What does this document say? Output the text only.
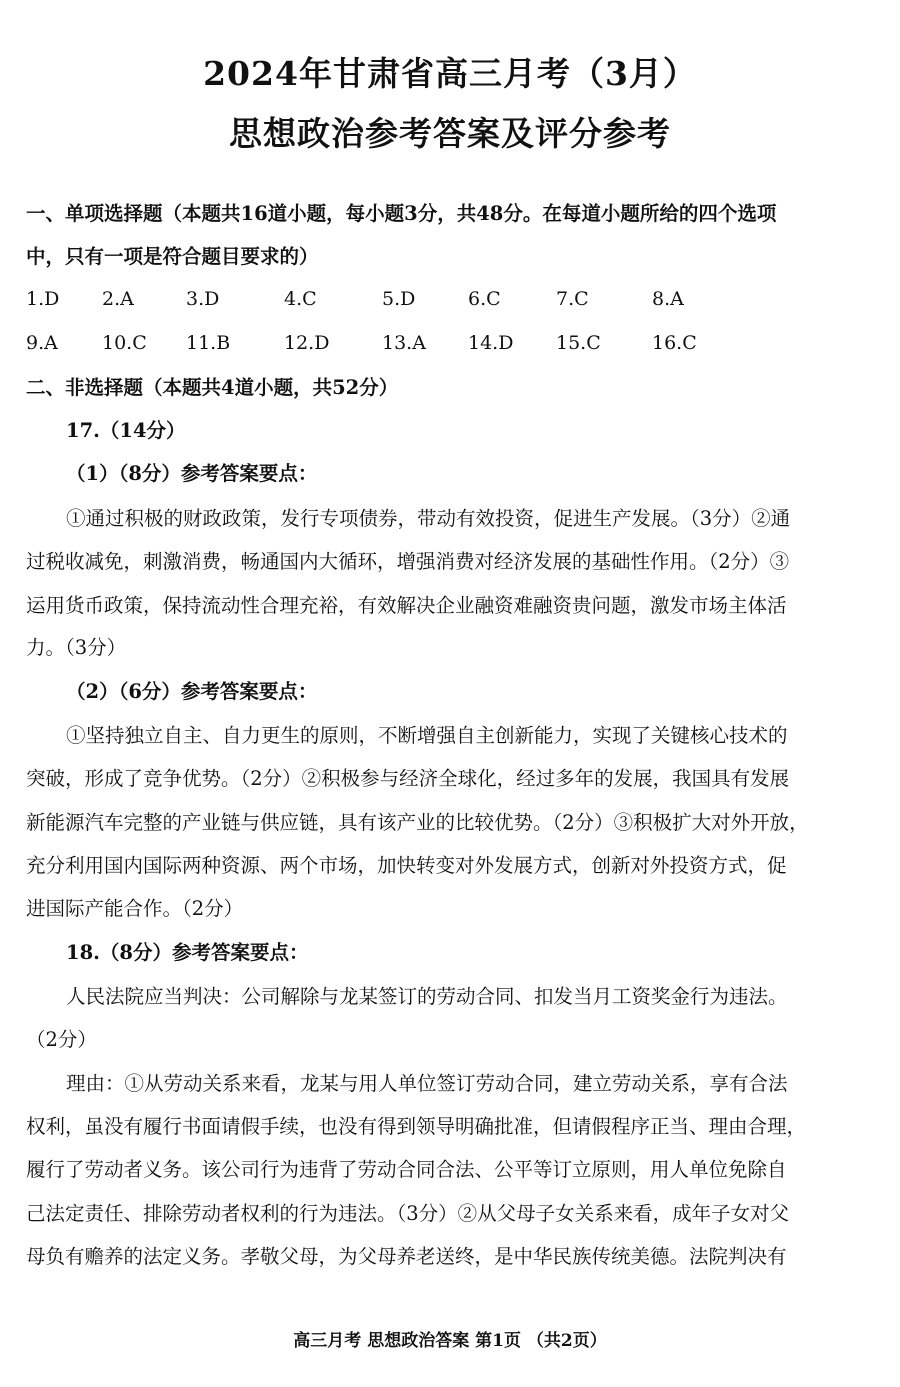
2024年甘肃省高三月考（3月）
思想政治参考答案及评分参考
一、单项选择题（本题共16道小题，每小题3分，共48分。在每道小题所给的四个选项
中，只有一项是符合题目要求的）
1.D 2.A	3.D	4.C	5.D	6.C	7.C	8.A
9.A 10.C 11.B	12.D	13.A 14.D 15.C	16.C
二、非选择题（本题共4道小题，共52分）
17.（14分）
（1）（8分）参考答案要点：
①通过积极的财政政策，发行专项债券，带动有效投资，促进生产发展。（3分）②通
过税收减免，刺激消费，畅通国内大循环，增强消费对经济发展的基础性作用。（2分）③
运用货币政策，保持流动性合理充裕，有效解决企业融资难融资贵问题，激发市场主体活
力。（3分）
（2）（6分）参考答案要点：
①坚持独立自主、自力更生的原则，不断增强自主创新能力，实现了关键核心技术的
突破，形成了竞争优势。（2分）②积极参与经济全球化，经过多年的发展，我国具有发展
新能源汽车完整的产业链与供应链，具有该产业的比较优势。（2分）③积极扩大对外开放，
充分利用国内国际两种资源、两个市场，加快转变对外发展方式，创新对外投资方式，促
进国际产能合作。（2分）
18.（8分）参考答案要点：
人民法院应当判决：公司解除与龙某签订的劳动合同、扣发当月工资奖金行为违法。
（2分）
理由：①从劳动关系来看，龙某与用人单位签订劳动合同，建立劳动关系，享有合法
权利，虽没有履行书面请假手续，也没有得到领导明确批准，但请假程序正当、理由合理，
履行了劳动者义务。该公司行为违背了劳动合同合法、公平等订立原则，用人单位免除自
己法定责任、排除劳动者权利的行为违法。（3分）②从父母子女关系来看，成年子女对父
母负有赡养的法定义务。孝敬父母，为父母养老送终，是中华民族传统美德。法院判决有
高三月考 思想政治答案 第1页 （共2页）
